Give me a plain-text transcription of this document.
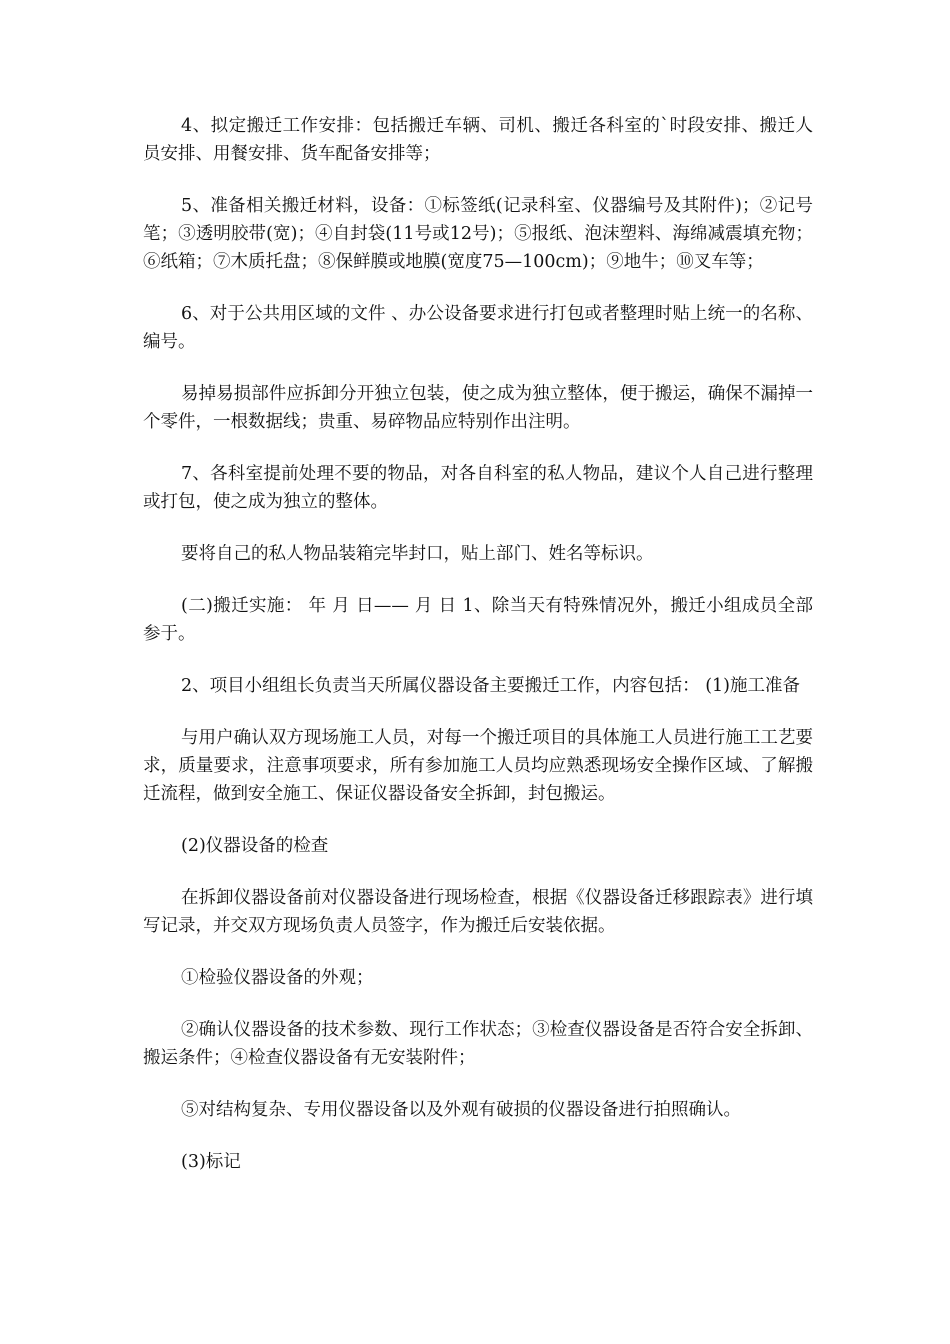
4、拟定搬迁工作安排：包括搬迁车辆、司机、搬迁各科室的`时段安排、搬迁人员安排、用餐安排、货车配备安排等；

5、准备相关搬迁材料，设备：①标签纸(记录科室、仪器编号及其附件)；②记号笔；③透明胶带(宽)；④自封袋(11号或12号)；⑤报纸、泡沫塑料、海绵减震填充物；⑥纸箱；⑦木质托盘；⑧保鲜膜或地膜(宽度75—100cm)；⑨地牛；⑩叉车等；

6、对于公共用区域的文件 、办公设备要求进行打包或者整理时贴上统一的名称、编号。

易掉易损部件应拆卸分开独立包装，使之成为独立整体，便于搬运，确保不漏掉一个零件，一根数据线；贵重、易碎物品应特别作出注明。

7、各科室提前处理不要的物品，对各自科室的私人物品，建议个人自己进行整理或打包，使之成为独立的整体。

要将自己的私人物品装箱完毕封口，贴上部门、姓名等标识。

(二)搬迁实施： 年 月 日—— 月 日 1、除当天有特殊情况外，搬迁小组成员全部参于。

2、项目小组组长负责当天所属仪器设备主要搬迁工作，内容包括： (1)施工准备

与用户确认双方现场施工人员，对每一个搬迁项目的具体施工人员进行施工工艺要求，质量要求，注意事项要求，所有参加施工人员均应熟悉现场安全操作区域、了解搬迁流程，做到安全施工、保证仪器设备安全拆卸，封包搬运。

(2)仪器设备的检查

在拆卸仪器设备前对仪器设备进行现场检查，根据《仪器设备迁移跟踪表》进行填写记录，并交双方现场负责人员签字，作为搬迁后安装依据。

①检验仪器设备的外观；

②确认仪器设备的技术参数、现行工作状态；③检查仪器设备是否符合安全拆卸、搬运条件；④检查仪器设备有无安装附件；

⑤对结构复杂、专用仪器设备以及外观有破损的仪器设备进行拍照确认。

(3)标记
